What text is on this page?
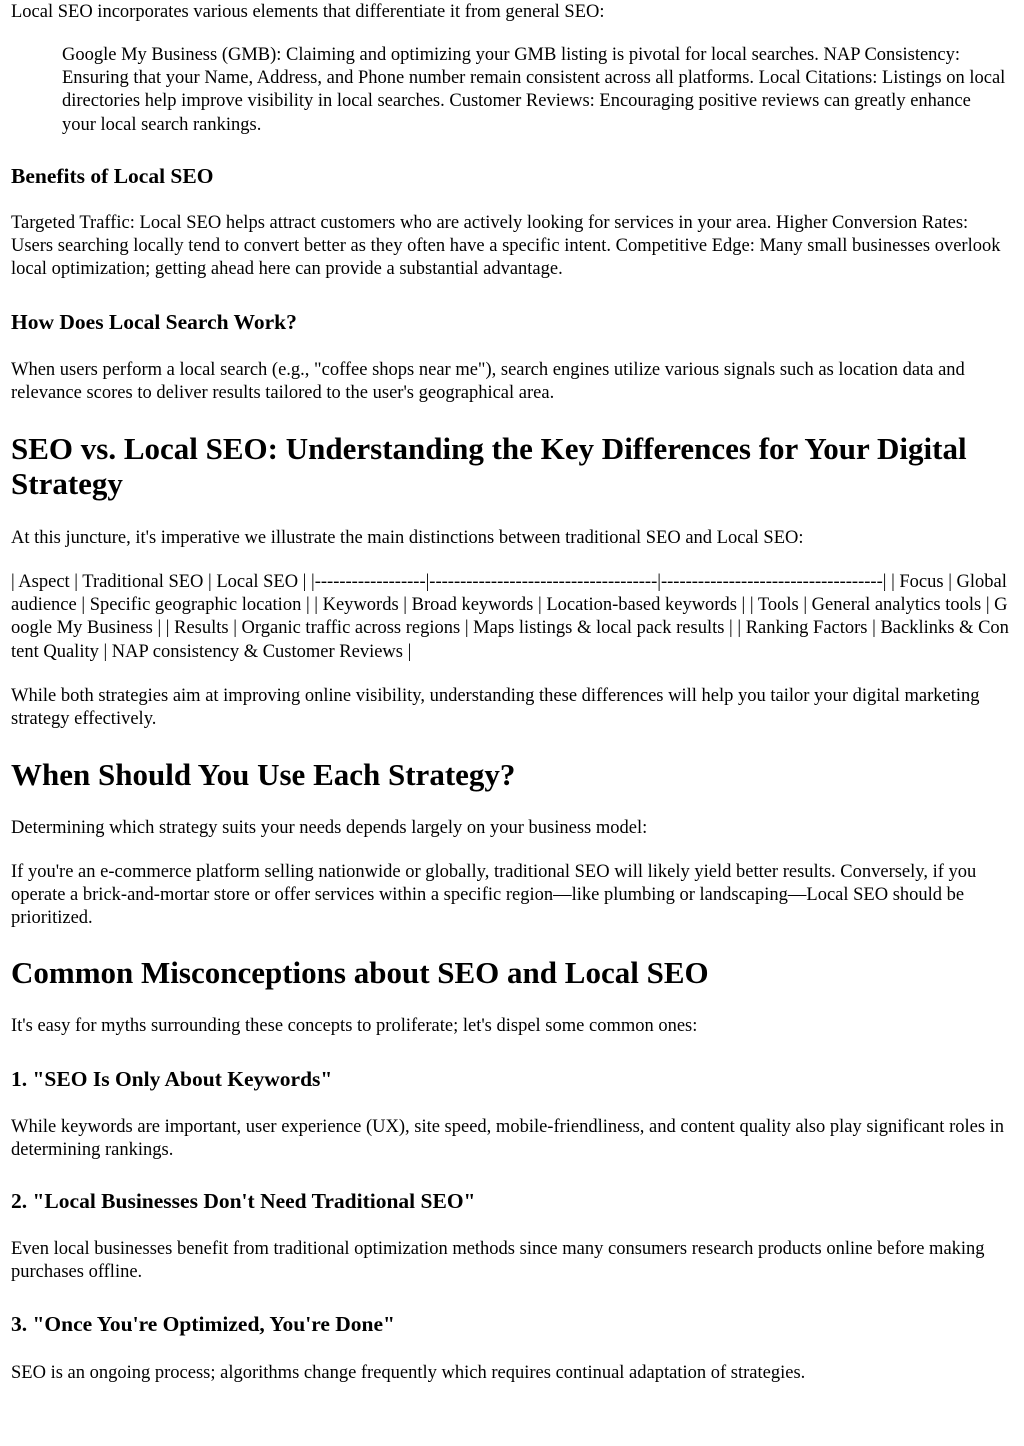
Local SEO incorporates various elements that differentiate it from general SEO:

Google My Business (GMB): Claiming and optimizing your GMB listing is pivotal for local searches. NAP Consistency: Ensuring that your Name, Address, and Phone number remain consistent across all platforms. Local Citations: Listings on local directories help improve visibility in local searches. Customer Reviews: Encouraging positive reviews can greatly enhance your local search rankings.

Benefits of Local SEO

Targeted Traffic: Local SEO helps attract customers who are actively looking for services in your area. Higher Conversion Rates: Users searching locally tend to convert better as they often have a specific intent. Competitive Edge: Many small businesses overlook local optimization; getting ahead here can provide a substantial advantage.

How Does Local Search Work?

When users perform a local search (e.g., "coffee shops near me"), search engines utilize various signals such as location data and relevance scores to deliver results tailored to the user's geographical area.

SEO vs. Local SEO: Understanding the Key Differences for Your Digital Strategy

At this juncture, it's imperative we illustrate the main distinctions between traditional SEO and Local SEO:

| Aspect | Traditional SEO | Local SEO | |------------------|-------------------------------------|------------------------------------| | Focus | Global audience | Specific geographic location | | Keywords | Broad keywords | Location-based keywords | | Tools | General analytics tools | Google My Business | | Results | Organic traffic across regions | Maps listings & local pack results | | Ranking Factors | Backlinks & Content Quality | NAP consistency & Customer Reviews |

While both strategies aim at improving online visibility, understanding these differences will help you tailor your digital marketing strategy effectively.

When Should You Use Each Strategy?

Determining which strategy suits your needs depends largely on your business model:

If you're an e-commerce platform selling nationwide or globally, traditional SEO will likely yield better results. Conversely, if you operate a brick-and-mortar store or offer services within a specific region—like plumbing or landscaping—Local SEO should be prioritized.

Common Misconceptions about SEO and Local SEO

It's easy for myths surrounding these concepts to proliferate; let's dispel some common ones:

1. "SEO Is Only About Keywords"

While keywords are important, user experience (UX), site speed, mobile-friendliness, and content quality also play significant roles in determining rankings.

2. "Local Businesses Don't Need Traditional SEO"

Even local businesses benefit from traditional optimization methods since many consumers research products online before making purchases offline.

3. "Once You're Optimized, You're Done"

SEO is an ongoing process; algorithms change frequently which requires continual adaptation of strategies.
